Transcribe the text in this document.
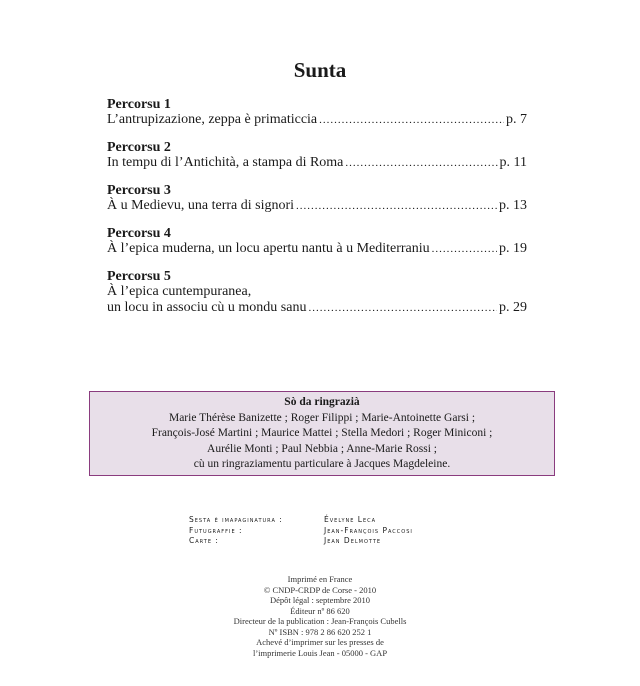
Sunta
Percorsu 1
L’antrupizazione, zeppa è primaticcia .....	p. 7
Percorsu 2
In tempu di l’Antichità, a stampa di Roma .....	p. 11
Percorsu 3
À u Medievu, una terra di signori .....	p. 13
Percorsu 4
À l’epica muderna, un locu apertu nantu à u Mediterraniu .....	p. 19
Percorsu 5
À l’epica cuntempuranea,
un locu in associu cù u mondu sanu .....	p. 29
Sò da ringrazià
Marie Thérèse Banizette ; Roger Filippi ; Marie-Antoinette Garsi ;
François-José Martini ; Maurice Mattei ; Stella Medori ; Roger Miniconi ;
Aurélie Monti ; Paul Nebbia ; Anne-Marie Rossi ;
cù un ringraziamentu particulare à Jacques Magdeleine.
Sesta è imapaginatura :	Évelyne Leca
Futugraffie :	Jean-François Paccosi
Carte :	Jean Delmotte
Imprimé en France
© CNDP-CRDP de Corse - 2010
Dépôt légal : septembre 2010
Éditeur nº 86 620
Directeur de la publication : Jean-François Cubells
Nº ISBN : 978 2 86 620 252 1
Achevé d’imprimer sur les presses de
l’imprimerie Louis Jean - 05000 - GAP
